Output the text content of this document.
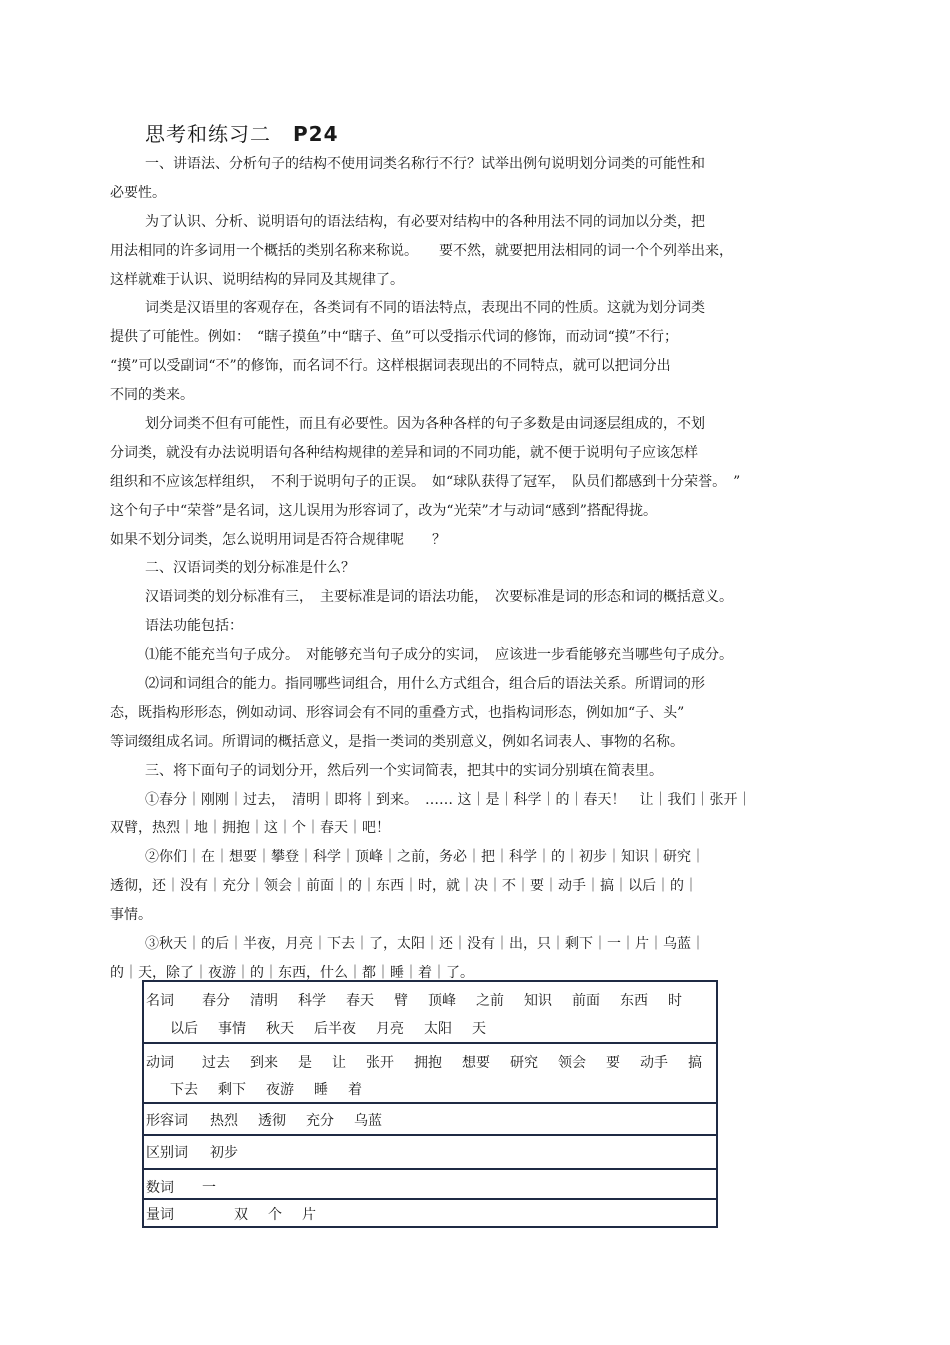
思考和练习二 P24
一、讲语法、分析句子的结构不使用词类名称行不行？试举出例句说明划分词类的可能性和
必要性。
为了认识、分析、说明语句的语法结构，有必要对结构中的各种用法不同的词加以分类，把
用法相同的许多词用一个概括的类别名称来称说。　　要不然，就要把用法相同的词一个个列举出来，
这样就难于认识、说明结构的异同及其规律了。
词类是汉语里的客观存在，各类词有不同的语法特点，表现出不同的性质。这就为划分词类
提供了可能性。例如：　“瞎子摸鱼”中“瞎子、鱼”可以受指示代词的修饰，而动词“摸”不行；
“摸”可以受副词“不”的修饰，而名词不行。这样根据词表现出的不同特点，就可以把词分出
不同的类来。
划分词类不但有可能性，而且有必要性。因为各种各样的句子多数是由词逐层组成的，不划
分词类，就没有办法说明语句各种结构规律的差异和词的不同功能，就不便于说明句子应该怎样
组织和不应该怎样组织，　不利于说明句子的正误。　如“球队获得了冠军，　队员们都感到十分荣誉。　”
这个句子中“荣誉”是名词，这儿误用为形容词了，改为“光荣”才与动词“感到”搭配得拢。
如果不划分词类，怎么说明用词是否符合规律呢　　？
二、汉语词类的划分标准是什么？
汉语词类的划分标准有三，　主要标准是词的语法功能，　次要标准是词的形态和词的概括意义。
语法功能包括：
⑴能不能充当句子成分。　对能够充当句子成分的实词，　应该进一步看能够充当哪些句子成分。
⑵词和词组合的能力。指同哪些词组合，用什么方式组合，组合后的语法关系。所谓词的形
态，既指构形形态，例如动词、形容词会有不同的重叠方式，也指构词形态，例如加“子、头”
等词缀组成名词。所谓词的概括意义，是指一类词的类别意义，例如名词表人、事物的名称。
三、将下面句子的词划分开，然后列一个实词简表，把其中的实词分别填在简表里。
①春分｜刚刚｜过去，　清明｜即将｜到来。　…… 这｜是｜科学｜的｜春天！　让｜我们｜张开｜
双臂，热烈｜地｜拥抱｜这｜个｜春天｜吧！
②你们｜在｜想要｜攀登｜科学｜顶峰｜之前，务必｜把｜科学｜的｜初步｜知识｜研究｜
透彻，还｜没有｜充分｜领会｜前面｜的｜东西｜时，就｜决｜不｜要｜动手｜搞｜以后｜的｜
事情。
③秋天｜的后｜半夜，月亮｜下去｜了，太阳｜还｜没有｜出，只｜剩下｜一｜片｜乌蓝｜
的｜天，除了｜夜游｜的｜东西，什么｜都｜睡｜着｜了。
名词 春分 清明 科学 春天 臂 顶峰 之前 知识 前面 东西 时
以后 事情 秋天 后半夜 月亮 太阳 天

动词 过去 到来 是 让 张开 拥抱 想要 研究 领会 要 动手 搞
下去 剩下 夜游 睡 着

形容词 热烈 透彻 充分 乌蓝

区别词 初步

数词 一

量词	双 个 片
